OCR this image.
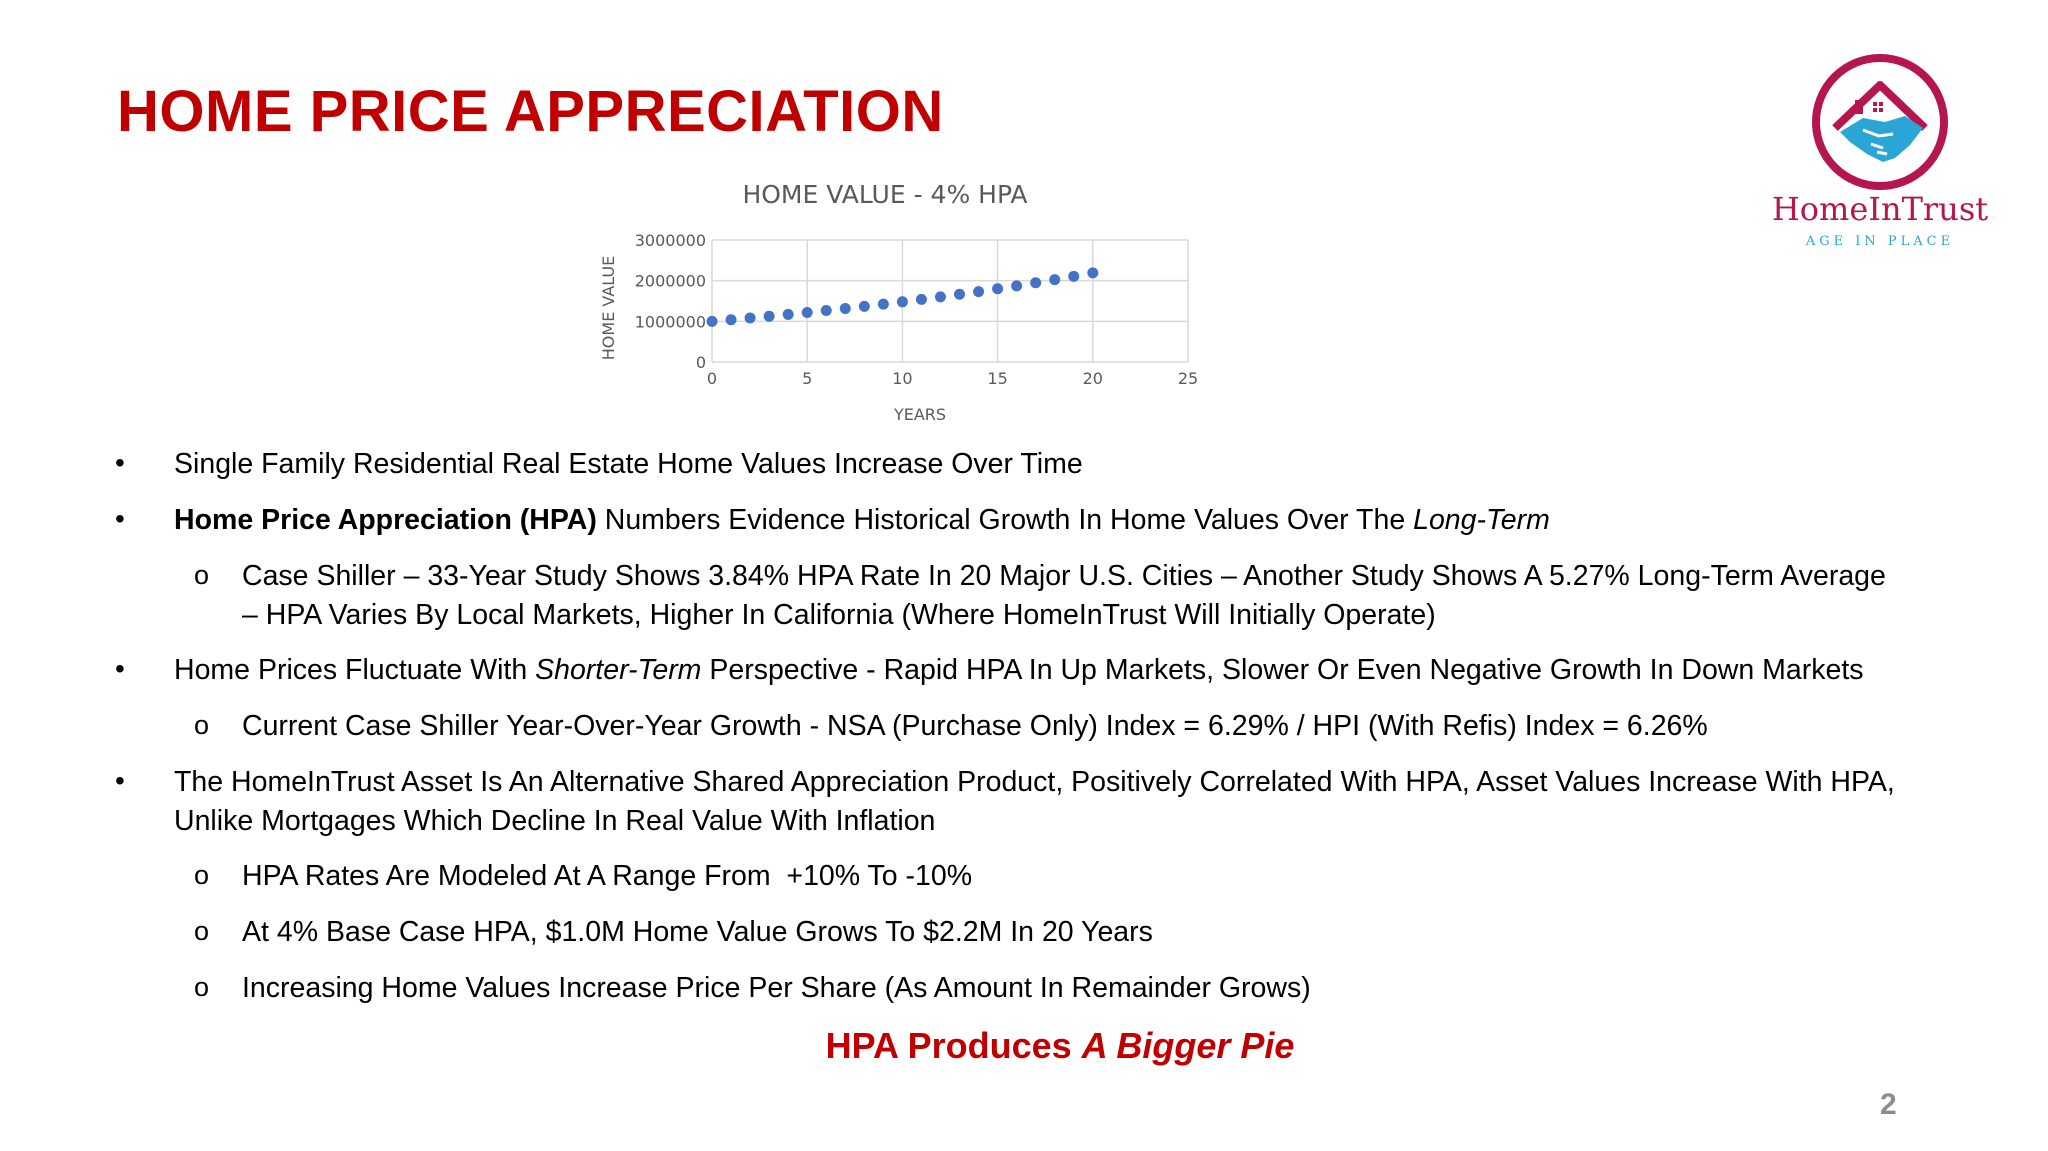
HOME PRICE APPRECIATION
HomeInTrust
AGE IN PLACE
HOME VALUE - 4% HPA
0
1000000
2000000
3000000
0	5	10	15	20	25
YEARS
HOME VALUE
• Single Family Residential Real Estate Home Values Increase Over Time
• Home Price Appreciation (HPA) Numbers Evidence Historical Growth In Home Values Over The Long-Term
o Case Shiller – 33-Year Study Shows 3.84% HPA Rate In 20 Major U.S. Cities – Another Study Shows A 5.27% Long-Term Average
– HPA Varies By Local Markets, Higher In California (Where HomeInTrust Will Initially Operate)
• Home Prices Fluctuate With Shorter-Term Perspective - Rapid HPA In Up Markets, Slower Or Even Negative Growth In Down Markets
o Current Case Shiller Year-Over-Year Growth - NSA (Purchase Only) Index = 6.29% / HPI (With Refis) Index = 6.26%
• The HomeInTrust Asset Is An Alternative Shared Appreciation Product, Positively Correlated With HPA, Asset Values Increase With HPA,
Unlike Mortgages Which Decline In Real Value With Inflation
o HPA Rates Are Modeled At A Range From  +10% To -10%
o At 4% Base Case HPA, $1.0M Home Value Grows To $2.2M In 20 Years
o Increasing Home Values Increase Price Per Share (As Amount In Remainder Grows)
HPA Produces A Bigger Pie
2
